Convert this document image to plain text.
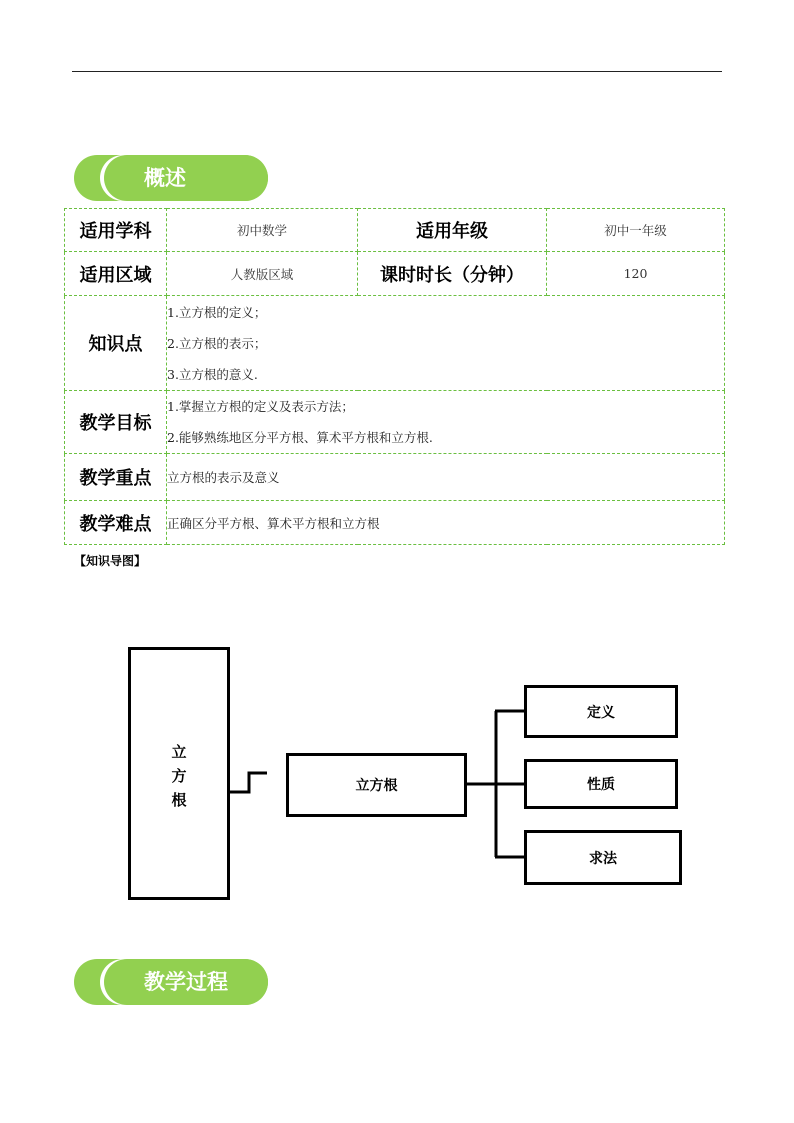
概述
适用学科	初中数学	适用年级	初中一年级
适用区域	人教版区域	课时时长（分钟）	120
知识点	1.立方根的定义；
2.立方根的表示；
3.立方根的意义.		

教学目标	1.掌握立方根的定义及表示方法；
2.能够熟练地区分平方根、算术平方根和立方根.		

教学重点	立方根的表示及意义		
教学难点	正确区分平方根、算术平方根和立方根		
【知识导图】
立
方
根
立方根
定义
性质
求法
教学过程
